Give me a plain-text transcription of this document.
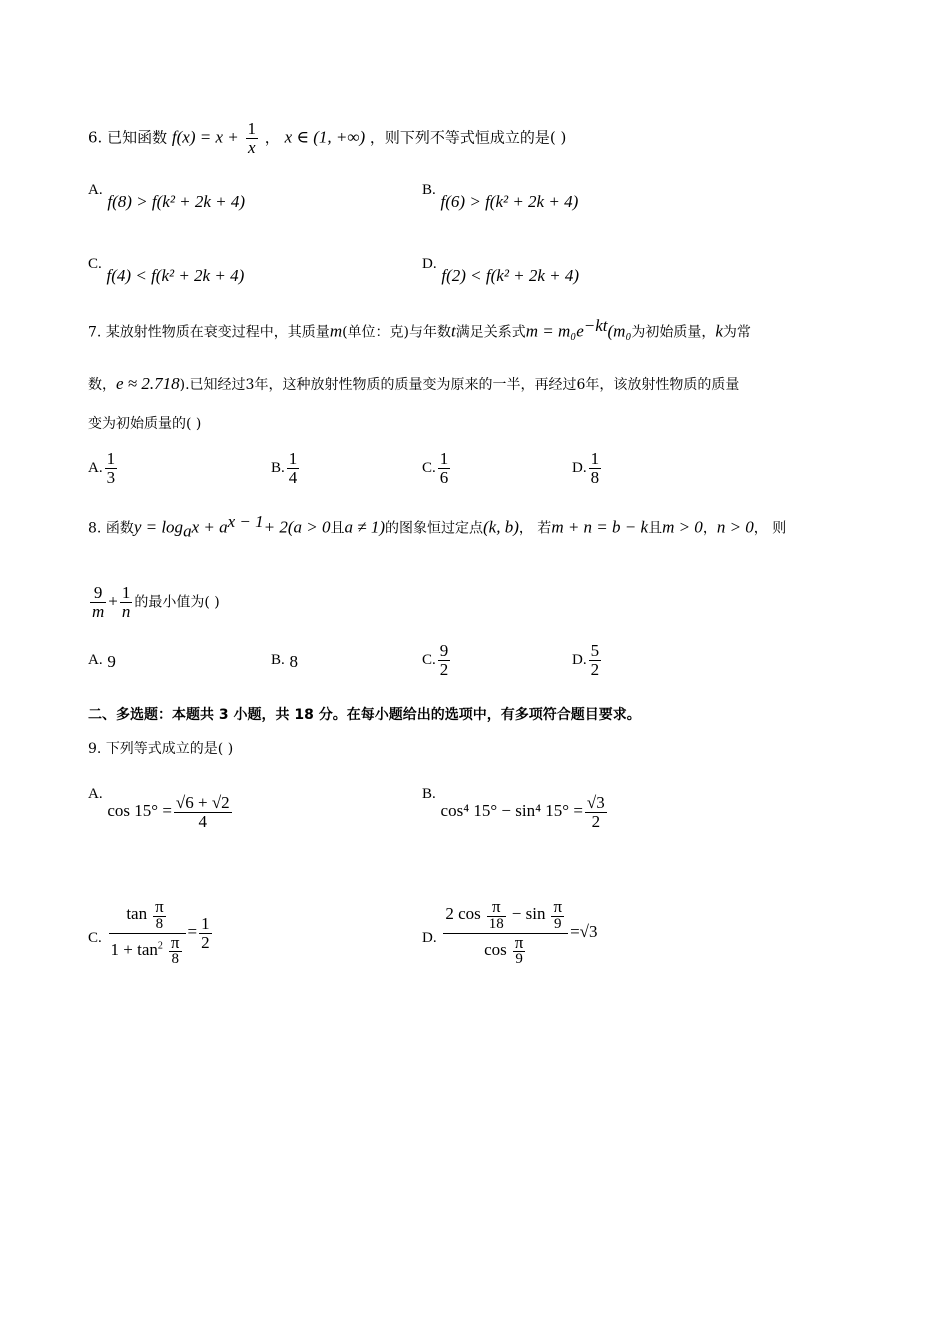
6. 已知函数 $f(x) = x + \frac{1}{x}$ ， x ∈ (1, +∞) ，则下列不等式恒成立的是( )
A. f(8) > f(k² + 2k + 4)
B. f(6) > f(k² + 2k + 4)
C. f(4) < f(k² + 2k + 4)
D. f(2) < f(k² + 2k + 4)
7. 某放射性物质在衰变过程中，其质量m(单位：克)与年数t满足关系式$m = m_0e^{-kt}(m_0$为初始质量，k为常
数，e ≈ 2.718).已知经过3年，这种放射性物质的质量变为原来的一半，再经过6年，该放射性物质的质量
变为初始质量的( )
A. $\frac{1}{3}$	B. $\frac{1}{4}$	C. $\frac{1}{6}$	D. $\frac{1}{8}$
8. 函数$y = \log_ax + a^{x - 1}+ 2(a > 0$且a ≠ 1)的图象恒过定点(k, b)， 若m + n = b − k且m > 0，n > 0， 则
$\frac{9}{m} + \frac{1}{n}$ 的最小值为( )
A. 9	B. 8	C. $\frac{9}{2}$	D. $\frac{5}{2}$
二、多选题：本题共 3 小题，共 18 分。在每小题给出的选项中，有多项符合题目要求。
9. 下列等式成立的是( )
A. $\cos 15^\circ = \frac{√6 + √2}{4}$	B. cos⁴ 15° − sin⁴ $15^\circ = \frac{√3}{2}$
C. $\frac{\tan \frac{\pi}{8}}{1 + \tan^2 \frac{\pi}{8}} = \frac{1}{2}$	D. $\frac{2 \cos \frac{\pi}{18} - \sin \frac{\pi}{9}}{\cos \frac{\pi}{9}} =√3$
